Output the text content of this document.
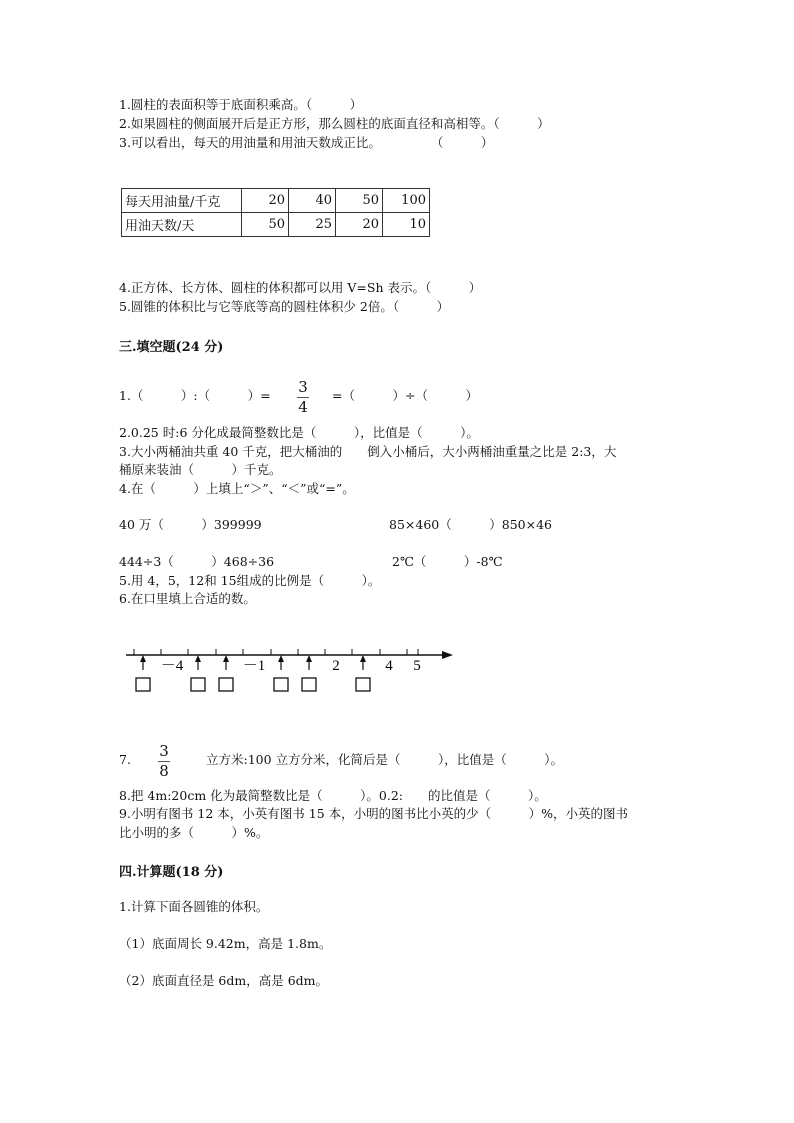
1.圆柱的表面积等于底面积乘高。（　　　）
2.如果圆柱的侧面展开后是正方形，那么圆柱的底面直径和高相等。（　　　）
3.可以看出，每天的用油量和用油天数成正比。　　　　　（　　　）
每天用油量/千克	20	40	50	100
用油天数/天	50	25	20	10
4.正方体、长方体、圆柱的体积都可以用 V=Sh 表示。（　　　）
5.圆锥的体积比与它等底等高的圆柱体积少 2倍。（　　　）
三.填空题(24 分)
1.（　　　）:（　　　）= 3
4
=（　　　）÷（　　　）
2.0.25 时:6 分化成最简整数比是（　　　），比值是（　　　）。
3.大小两桶油共重 40 千克，把大桶油的　　倒入小桶后，大小两桶油重量之比是 2:3，大
桶原来装油（　　　）千克。
4.在（　　　）上填上“＞”、“＜”或“=”。
40 万（　　　）399999	85×460（　　　）850×46
444÷3（　　　）468÷36	2℃（　　　）-8℃
5.用 4，5，12和 15组成的比例是（　　　）。
6.在口里填上合适的数。
－4	－1	2	4 5
7. 3
8
立方米:100 立方分米，化简后是（　　　），比值是（　　　）。
8.把 4m:20cm 化为最简整数比是（　　　）。0.2:　　的比值是（　　　）。
9.小明有图书 12 本，小英有图书 15 本，小明的图书比小英的少（　　　）%，小英的图书
比小明的多（　　　）%。
四.计算题(18 分)
1.计算下面各圆锥的体积。
（1）底面周长 9.42m，高是 1.8m。
（2）底面直径是 6dm，高是 6dm。
